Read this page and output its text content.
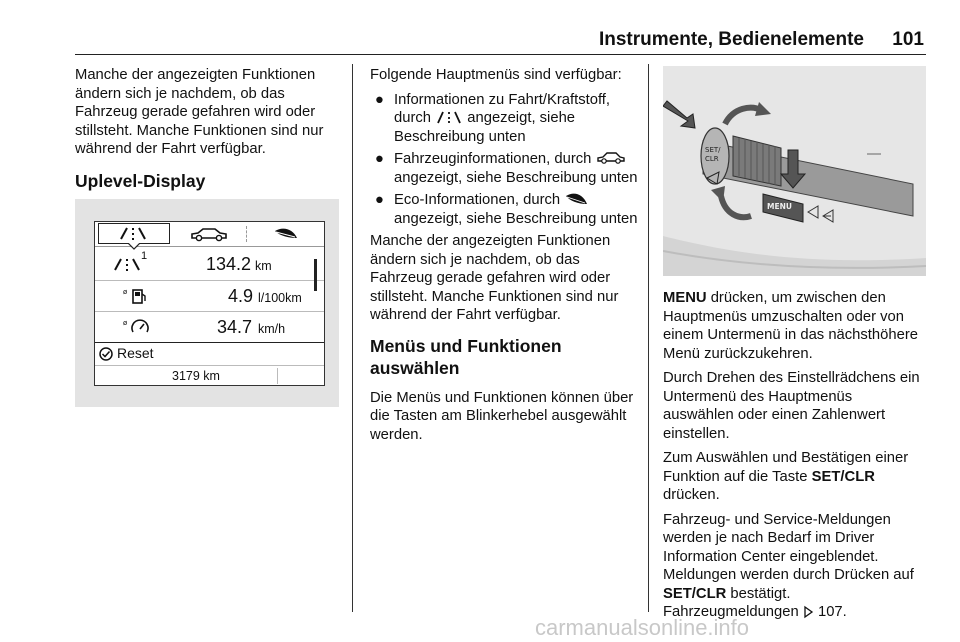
Instrumente, Bedienelemente 101

Manche der angezeigten Funktionen ändern sich je nachdem, ob das Fahrzeug gerade gefahren wird oder stillsteht. Manche Funktionen sind nur während der Fahrt verfügbar.

Uplevel-Display
1	134.2 km
ø	4.9 l/100km
ø	34.7 km/h
Reset
3179 km

Folgende Hauptmenüs sind verfügbar:

● Informationen zu Fahrt/Kraftstoff, durch angezeigt, siehe Beschreibung unten
● Fahrzeuginformationen, durch  angezeigt, siehe Beschreibung unten
● Eco-Informationen, durch  angezeigt, siehe Beschreibung unten

Manche der angezeigten Funktionen ändern sich je nachdem, ob das Fahrzeug gerade gefahren wird oder stillsteht. Manche Funktionen sind nur während der Fahrt verfügbar.

Menüs und Funktionen auswählen

Die Menüs und Funktionen können über die Tasten am Blinkerhebel ausgewählt werden.

SET/
CLR
MENU

MENU drücken, um zwischen den Hauptmenüs umzuschalten oder von einem Untermenü in das nächsthöhere Menü zurückzukehren.

Durch Drehen des Einstellrädchens ein Untermenü des Hauptmenüs auswählen oder einen Zahlenwert einstellen.

Zum Auswählen und Bestätigen einer Funktion auf die Taste SET/CLR drücken.

Fahrzeug- und Service-Meldungen werden je nach Bedarf im Driver Information Center eingeblendet. Meldungen werden durch Drücken auf SET/CLR bestätigt. Fahrzeugmeldungen  107.

carmanualsonline.info
